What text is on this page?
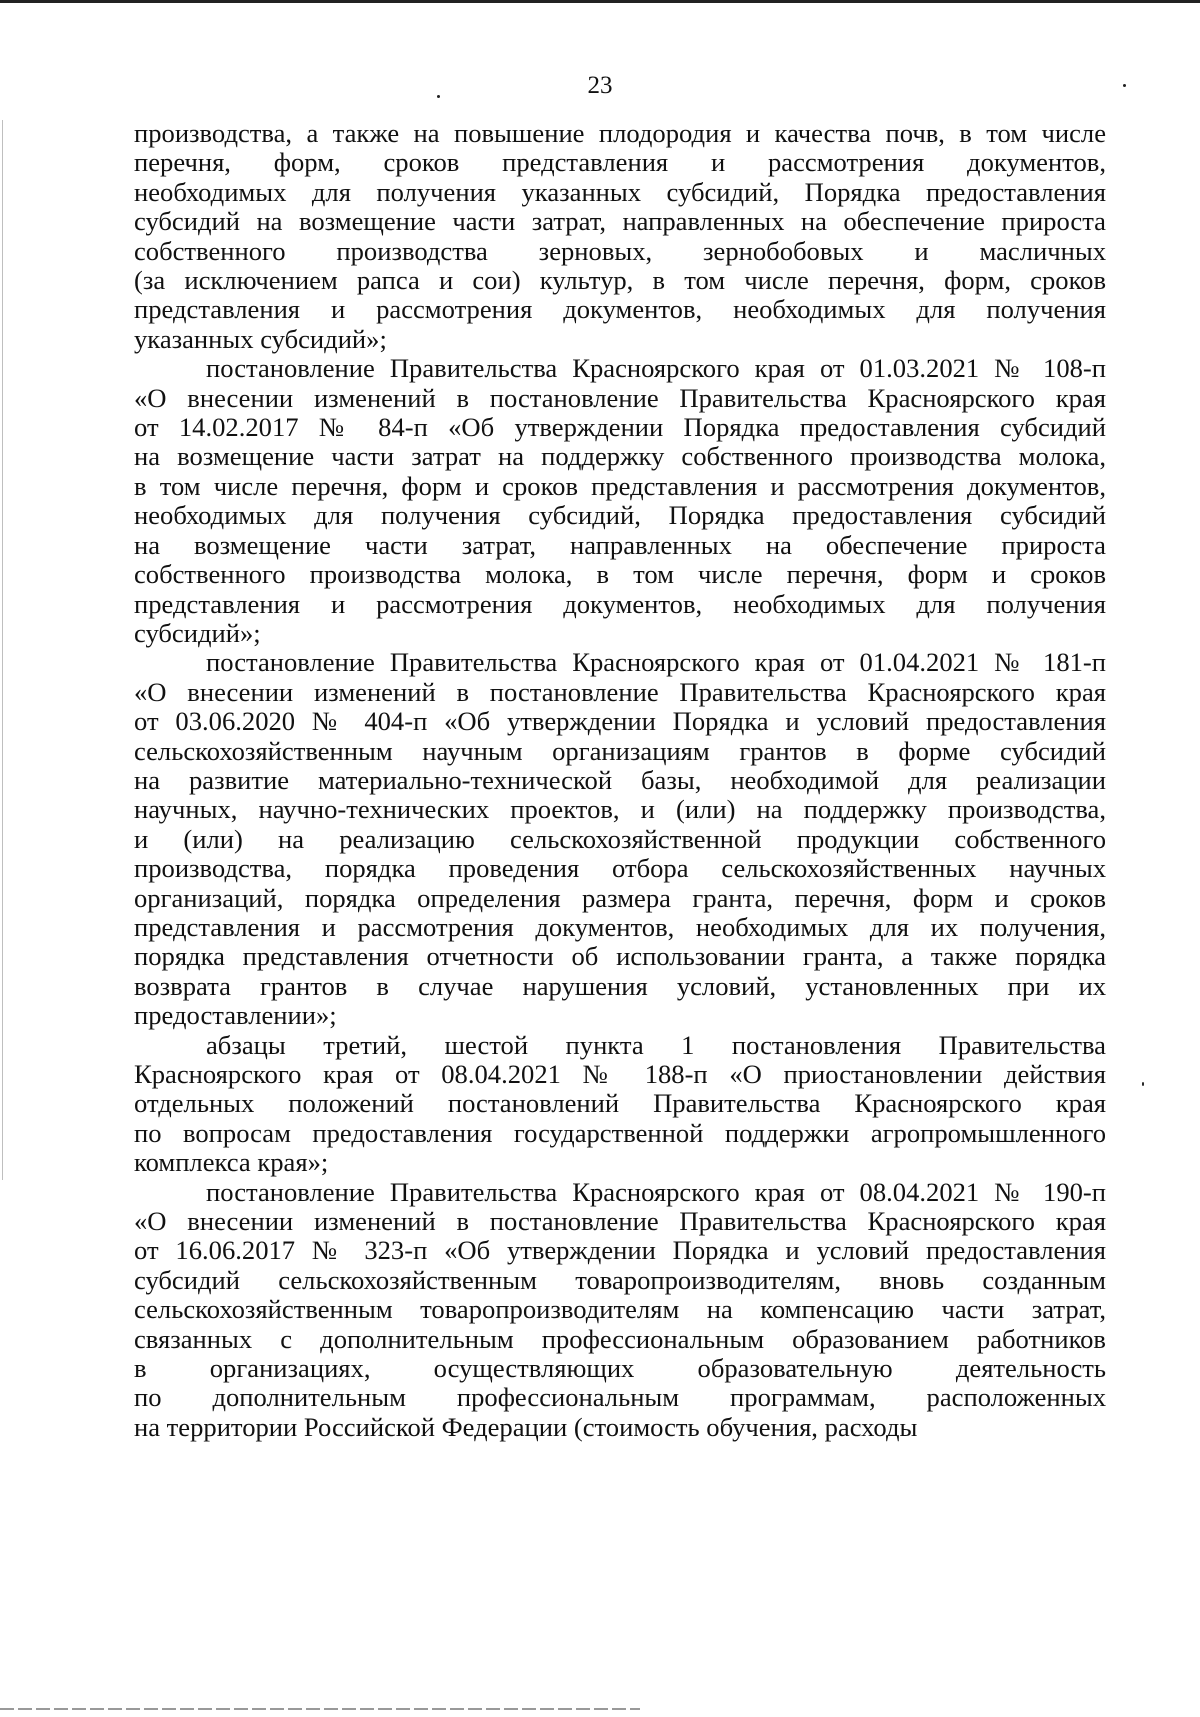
23
производства, а также на повышение плодородия и качества почв, в том числе
перечня, форм, сроков представления и рассмотрения документов,
необходимых для получения указанных субсидий, Порядка предоставления
субсидий на возмещение части затрат, направленных на обеспечение прироста
собственного производства зерновых, зернобобовых и масличных
(за исключением рапса и сои) культур, в том числе перечня, форм, сроков
представления и рассмотрения документов, необходимых для получения
указанных субсидий»;
постановление Правительства Красноярского края от 01.03.2021 № 108-п
«О внесении изменений в постановление Правительства Красноярского края
от 14.02.2017 № 84-п «Об утверждении Порядка предоставления субсидий
на возмещение части затрат на поддержку собственного производства молока,
в том числе перечня, форм и сроков представления и рассмотрения документов,
необходимых для получения субсидий, Порядка предоставления субсидий
на возмещение части затрат, направленных на обеспечение прироста
собственного производства молока, в том числе перечня, форм и сроков
представления и рассмотрения документов, необходимых для получения
субсидий»;
постановление Правительства Красноярского края от 01.04.2021 № 181-п
«О внесении изменений в постановление Правительства Красноярского края
от 03.06.2020 № 404-п «Об утверждении Порядка и условий предоставления
сельскохозяйственным научным организациям грантов в форме субсидий
на развитие материально-технической базы, необходимой для реализации
научных, научно-технических проектов, и (или) на поддержку производства,
и (или) на реализацию сельскохозяйственной продукции собственного
производства, порядка проведения отбора сельскохозяйственных научных
организаций, порядка определения размера гранта, перечня, форм и сроков
представления и рассмотрения документов, необходимых для их получения,
порядка представления отчетности об использовании гранта, а также порядка
возврата грантов в случае нарушения условий, установленных при их
предоставлении»;
абзацы третий, шестой пункта 1 постановления Правительства
Красноярского края от 08.04.2021 № 188-п «О приостановлении действия
отдельных положений постановлений Правительства Красноярского края
по вопросам предоставления государственной поддержки агропромышленного
комплекса края»;
постановление Правительства Красноярского края от 08.04.2021 № 190-п
«О внесении изменений в постановление Правительства Красноярского края
от 16.06.2017 № 323-п «Об утверждении Порядка и условий предоставления
субсидий сельскохозяйственным товаропроизводителям, вновь созданным
сельскохозяйственным товаропроизводителям на компенсацию части затрат,
связанных с дополнительным профессиональным образованием работников
в организациях, осуществляющих образовательную деятельность
по дополнительным профессиональным программам, расположенных
на территории Российской Федерации (стоимость обучения, расходы
